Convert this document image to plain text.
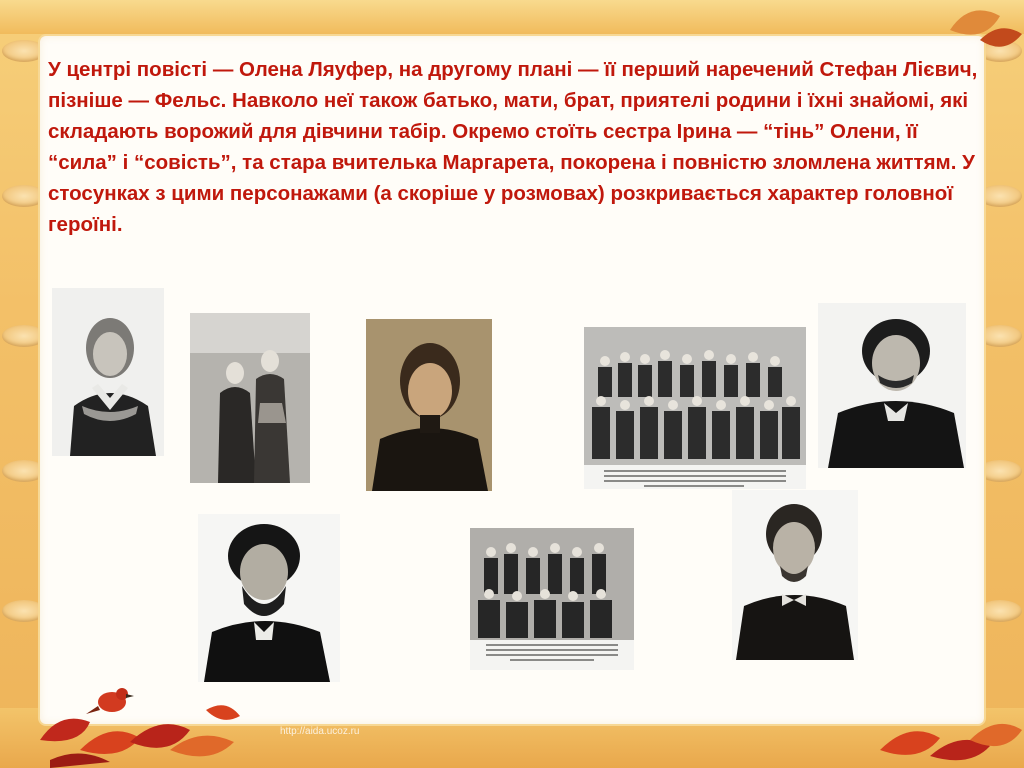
У центрі повісті — Олена Ляуфер, на другому плані — її перший наречений Стефан Лієвич, пізніше — Фельс. Навколо неї також батько, мати, брат, приятелі родини і їхні знайомі, які складають ворожий для дівчини табір. Окремо стоїть сестра Ірина — “тінь” Олени, її “сила” і “совість”, та стара вчителька Маргарета, покорена і повністю зломлена життям. У стосунках з цими персонажами (а скоріше у розмовах) розкривається характер головної героїні.

http://aida.ucoz.ru
